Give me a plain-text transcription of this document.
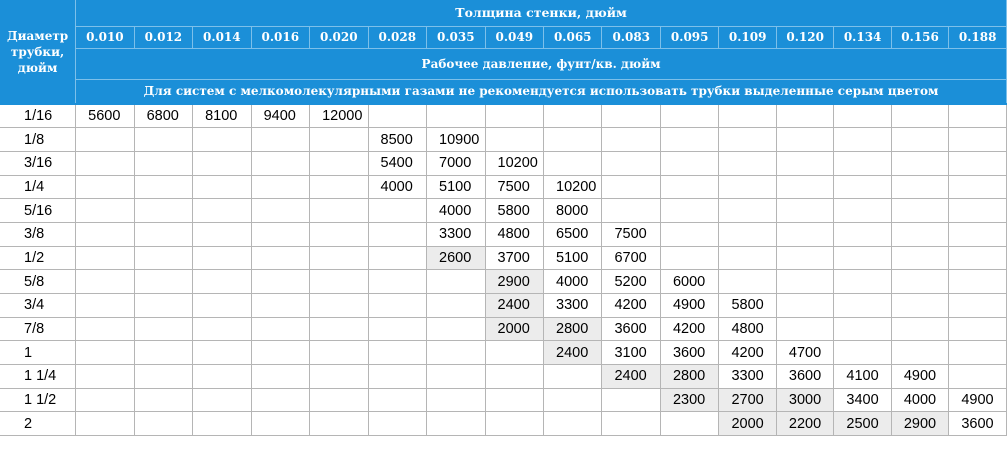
Диаметр трубки, дюйм	Толщина стенки, дюйм															
	0.010	0.012	0.014	0.016	0.020	0.028	0.035	0.049	0.065	0.083	0.095	0.109	0.120	0.134	0.156	0.188
	Рабочее давление, фунт/кв. дюйм															
	Для систем с мелкомолекулярными газами не рекомендуется использовать трубки выделенные серым цветом															
1/16	5600	6800	8100	9400	12000											
1/8						8500	10900									
3/16						5400	7000	10200								
1/4						4000	5100	7500	10200							
5/16							4000	5800	8000							
3/8							3300	4800	6500	7500						
1/2							2600	3700	5100	6700						
5/8								2900	4000	5200	6000					
3/4								2400	3300	4200	4900	5800				
7/8								2000	2800	3600	4200	4800				
1									2400	3100	3600	4200	4700			
1 1/4										2400	2800	3300	3600	4100	4900	
1 1/2											2300	2700	3000	3400	4000	4900
2												2000	2200	2500	2900	3600
